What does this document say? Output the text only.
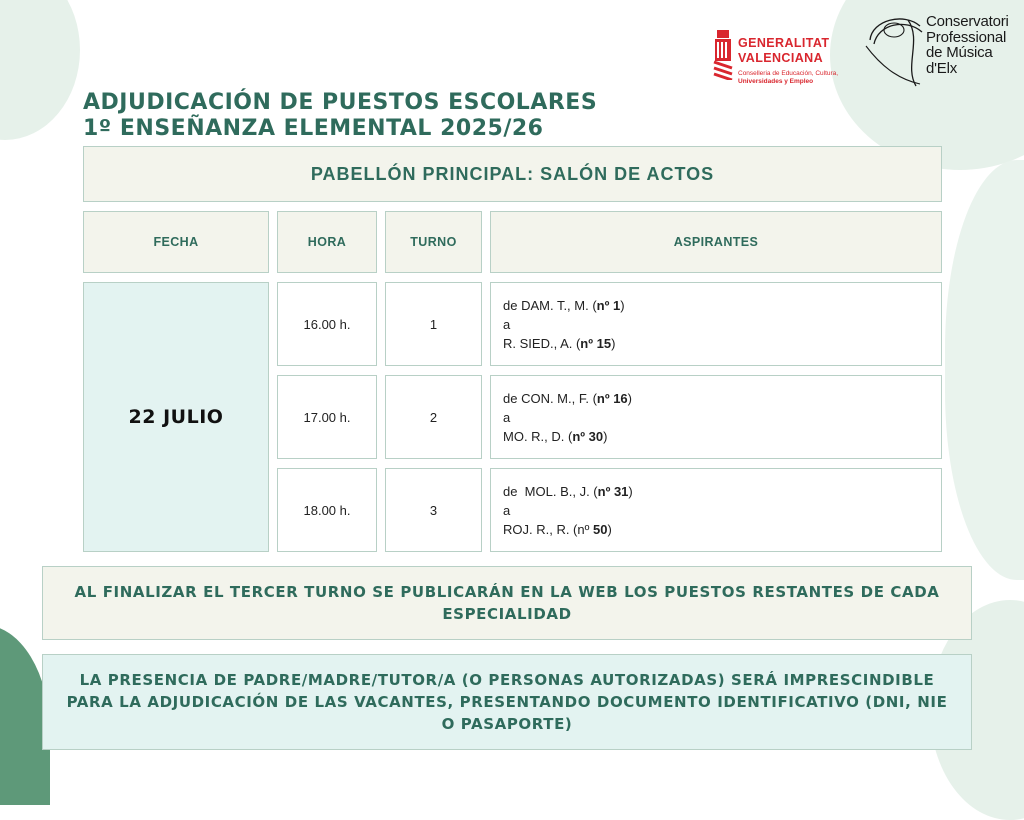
GENERALITAT
VALENCIANA
Conselleria de Educación, Cultura,
Universidades y Empleo
Conservatori
Professional
de Música
d'Elx
ADJUDICACIÓN DE PUESTOS ESCOLARES
1º ENSEÑANZA ELEMENTAL 2025/26
PABELLÓN PRINCIPAL: SALÓN DE ACTOS
FECHA	HORA	TURNO	ASPIRANTES
22 JULIO
16.00 h.	1
de DAM. T., M. (nº 1)
a
R. SIED., A. (nº 15)
17.00 h.	2
de CON. M., F. (nº 16)
a
MO. R., D. (nº 30)
18.00 h.	3
de  MOL. B., J. (nº 31)
a
ROJ. R., R. (nº 50)
AL FINALIZAR EL TERCER TURNO SE PUBLICARÁN EN LA WEB LOS PUESTOS RESTANTES DE CADA ESPECIALIDAD
LA PRESENCIA DE PADRE/MADRE/TUTOR/A (O PERSONAS AUTORIZADAS) SERÁ IMPRESCINDIBLE PARA LA ADJUDICACIÓN DE LAS VACANTES, PRESENTANDO DOCUMENTO IDENTIFICATIVO (DNI, NIE O PASAPORTE)
